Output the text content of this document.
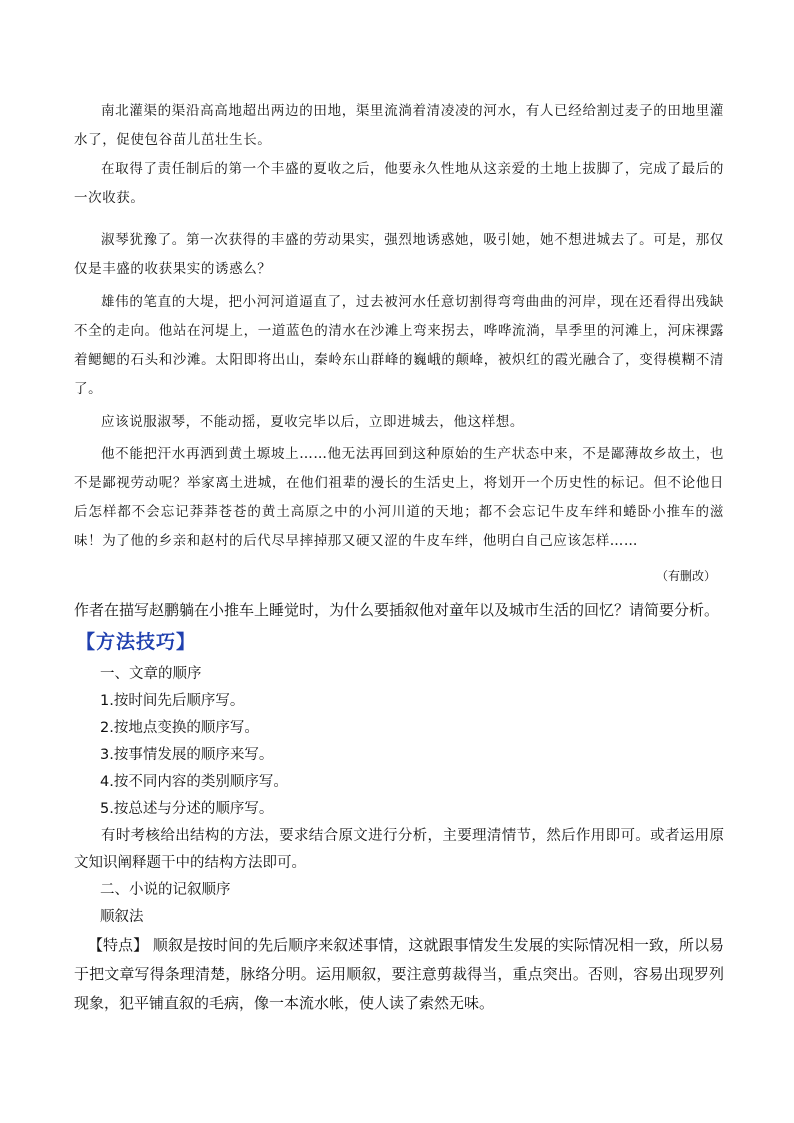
南北灌渠的渠沿高高地超出两边的田地，渠里流淌着清凌凌的河水，有人已经给割过麦子的田地里灌水了，促使包谷苗儿茁壮生长。

在取得了责任制后的第一个丰盛的夏收之后，他要永久性地从这亲爱的土地上拔脚了，完成了最后的一次收获。

淑琴犹豫了。第一次获得的丰盛的劳动果实，强烈地诱惑她，吸引她，她不想进城去了。可是，那仅仅是丰盛的收获果实的诱惑么？

雄伟的笔直的大堤，把小河河道逼直了，过去被河水任意切割得弯弯曲曲的河岸，现在还看得出残缺不全的走向。他站在河堤上，一道蓝色的清水在沙滩上弯来拐去，哗哗流淌，旱季里的河滩上，河床裸露着鳃鳃的石头和沙滩。太阳即将出山，秦岭东山群峰的巍峨的颠峰，被炽红的霞光融合了，变得模糊不清了。

应该说服淑琴，不能动摇，夏收完毕以后，立即进城去，他这样想。

他不能把汗水再洒到黄土塬坡上……他无法再回到这种原始的生产状态中来，不是鄙薄故乡故土，也不是鄙视劳动呢？举家离土进城，在他们祖辈的漫长的生活史上，将划开一个历史性的标记。但不论他日后怎样都不会忘记莽莽苍苍的黄土高原之中的小河川道的天地；都不会忘记牛皮车绊和蜷卧小推车的滋味！为了他的乡亲和赵村的后代尽早摔掉那又硬又涩的牛皮车绊，他明白自己应该怎样……

（有删改）

作者在描写赵鹏躺在小推车上睡觉时，为什么要插叙他对童年以及城市生活的回忆？请简要分析。

【方法技巧】

一、文章的顺序

1.按时间先后顺序写。

2.按地点变换的顺序写。

3.按事情发展的顺序来写。

4.按不同内容的类别顺序写。

5.按总述与分述的顺序写。

有时考核给出结构的方法，要求结合原文进行分析，主要理清情节，然后作用即可。或者运用原文知识阐释题干中的结构方法即可。

二、小说的记叙顺序

顺叙法

【特点】 顺叙是按时间的先后顺序来叙述事情，这就跟事情发生发展的实际情况相一致，所以易于把文章写得条理清楚，脉络分明。运用顺叙，要注意剪裁得当，重点突出。否则，容易出现罗列现象，犯平铺直叙的毛病，像一本流水帐，使人读了索然无味。
